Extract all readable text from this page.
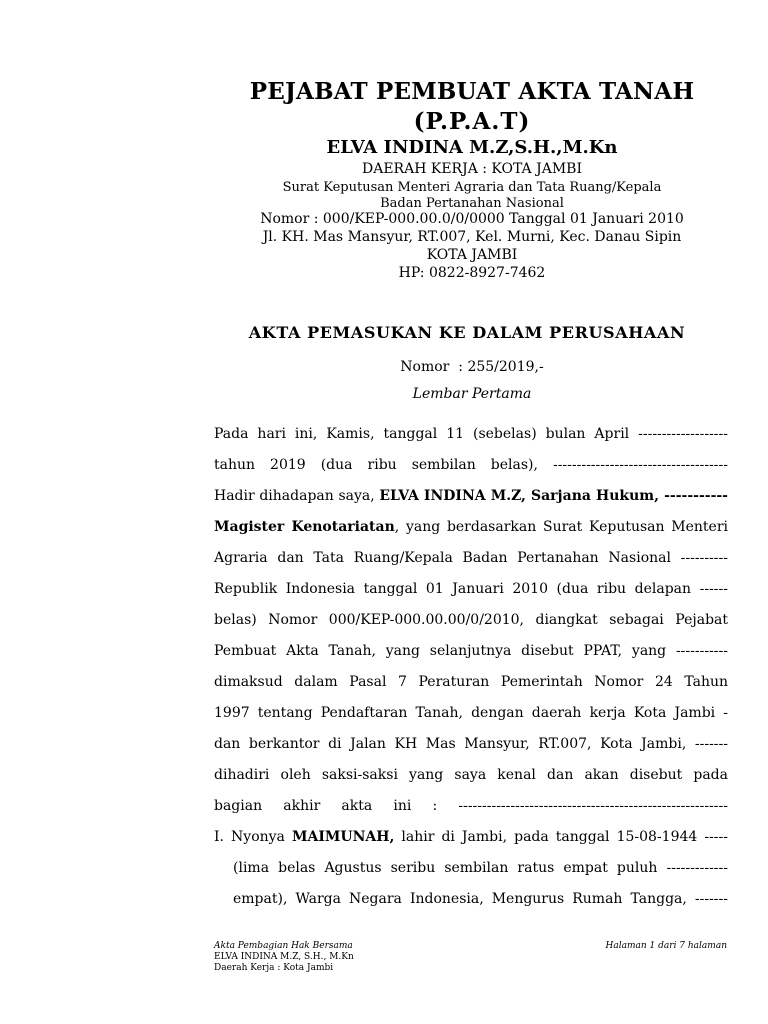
PEJABAT PEMBUAT AKTA TANAH
(P.P.A.T)
ELVA INDINA M.Z,S.H.,M.Kn
DAERAH KERJA : KOTA JAMBI
Surat Keputusan Menteri Agraria dan Tata Ruang/Kepala
Badan Pertanahan Nasional
Nomor : 000/KEP-000.00.0/0/0000 Tanggal 01 Januari 2010
Jl. KH. Mas Mansyur, RT.007, Kel. Murni, Kec. Danau Sipin
KOTA JAMBI
HP: 0822-8927-7462
AKTA PEMASUKAN KE DALAM PERUSAHAAN
Nomor  : 255/2019,-
Lembar Pertama
Pada hari ini, Kamis, tanggal 11 (sebelas) bulan April -------------------
tahun 2019 (dua ribu sembilan belas), -------------------------------------
Hadir dihadapan saya, ELVA INDINA M.Z, Sarjana Hukum, -----------
Magister Kenotariatan, yang berdasarkan Surat Keputusan Menteri
Agraria dan Tata Ruang/Kepala Badan Pertanahan Nasional ----------
Republik Indonesia tanggal 01 Januari 2010 (dua ribu delapan ------
belas) Nomor 000/KEP-000.00.00/0/2010, diangkat sebagai Pejabat
Pembuat Akta Tanah, yang selanjutnya disebut PPAT, yang -----------
dimaksud dalam Pasal 7 Peraturan Pemerintah Nomor 24 Tahun
1997 tentang Pendaftaran Tanah, dengan daerah kerja Kota Jambi -
dan berkantor di Jalan KH Mas Mansyur, RT.007, Kota Jambi, -------
dihadiri oleh saksi-saksi yang saya kenal dan akan disebut pada
bagian akhir akta ini : ---------------------------------------------------------
I. Nyonya MAIMUNAH, lahir di Jambi, pada tanggal 15-08-1944 -----
(lima belas Agustus seribu sembilan ratus empat puluh -------------
empat), Warga Negara Indonesia, Mengurus Rumah Tangga, -------
Akta Pembagian Hak Bersama
ELVA INDINA M.Z, S.H., M.Kn
Daerah Kerja : Kota Jambi
Halaman 1 dari 7 halaman
